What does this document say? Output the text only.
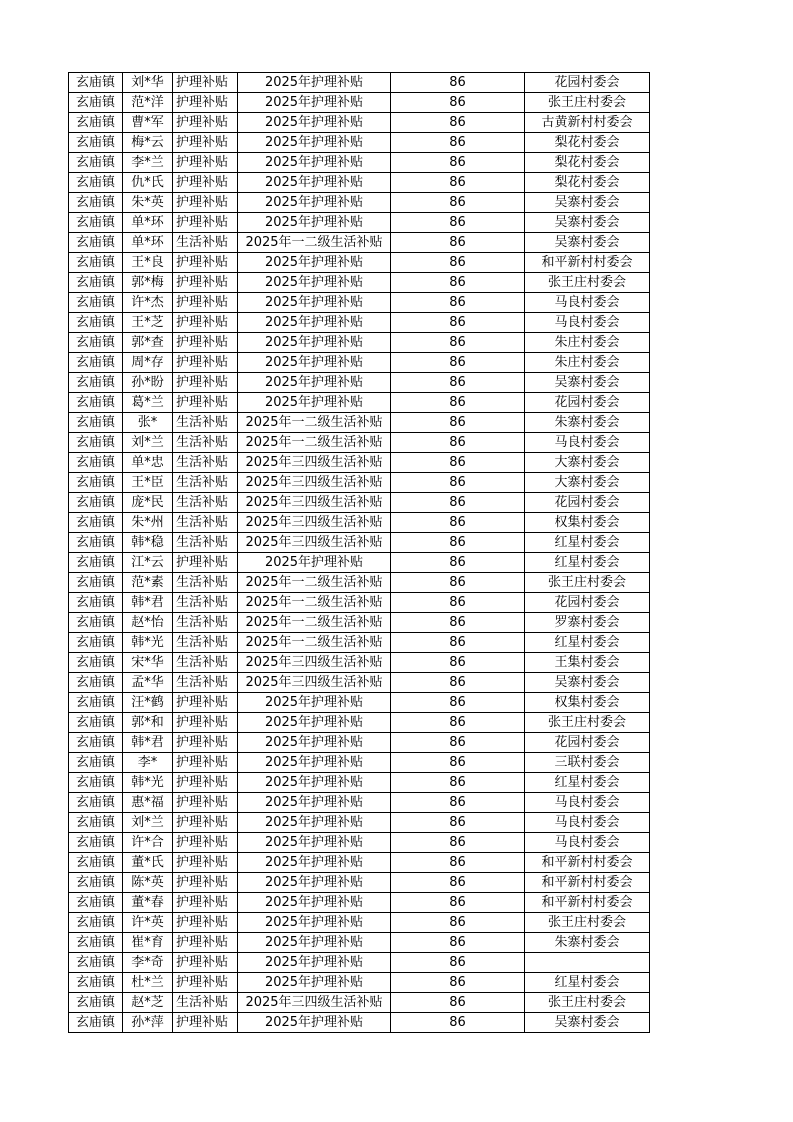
玄庙镇	刘*华	护理补贴	2025年护理补贴	86	花园村委会
玄庙镇	范*洋	护理补贴	2025年护理补贴	86	张王庄村委会
玄庙镇	曹*军	护理补贴	2025年护理补贴	86	古黄新村村委会
玄庙镇	梅*云	护理补贴	2025年护理补贴	86	梨花村委会
玄庙镇	李*兰	护理补贴	2025年护理补贴	86	梨花村委会
玄庙镇	仇*氏	护理补贴	2025年护理补贴	86	梨花村委会
玄庙镇	朱*英	护理补贴	2025年护理补贴	86	吴寨村委会
玄庙镇	单*环	护理补贴	2025年护理补贴	86	吴寨村委会
玄庙镇	单*环	生活补贴	2025年一二级生活补贴	86	吴寨村委会
玄庙镇	王*良	护理补贴	2025年护理补贴	86	和平新村村委会
玄庙镇	郭*梅	护理补贴	2025年护理补贴	86	张王庄村委会
玄庙镇	许*杰	护理补贴	2025年护理补贴	86	马良村委会
玄庙镇	王*芝	护理补贴	2025年护理补贴	86	马良村委会
玄庙镇	郭*查	护理补贴	2025年护理补贴	86	朱庄村委会
玄庙镇	周*存	护理补贴	2025年护理补贴	86	朱庄村委会
玄庙镇	孙*盼	护理补贴	2025年护理补贴	86	吴寨村委会
玄庙镇	葛*兰	护理补贴	2025年护理补贴	86	花园村委会
玄庙镇	张*	生活补贴	2025年一二级生活补贴	86	朱寨村委会
玄庙镇	刘*兰	生活补贴	2025年一二级生活补贴	86	马良村委会
玄庙镇	单*忠	生活补贴	2025年三四级生活补贴	86	大寨村委会
玄庙镇	王*臣	生活补贴	2025年三四级生活补贴	86	大寨村委会
玄庙镇	庞*民	生活补贴	2025年三四级生活补贴	86	花园村委会
玄庙镇	朱*州	生活补贴	2025年三四级生活补贴	86	权集村委会
玄庙镇	韩*稳	生活补贴	2025年三四级生活补贴	86	红星村委会
玄庙镇	江*云	护理补贴	2025年护理补贴	86	红星村委会
玄庙镇	范*素	生活补贴	2025年一二级生活补贴	86	张王庄村委会
玄庙镇	韩*君	生活补贴	2025年一二级生活补贴	86	花园村委会
玄庙镇	赵*怡	生活补贴	2025年一二级生活补贴	86	罗寨村委会
玄庙镇	韩*光	生活补贴	2025年一二级生活补贴	86	红星村委会
玄庙镇	宋*华	生活补贴	2025年三四级生活补贴	86	王集村委会
玄庙镇	孟*华	生活补贴	2025年三四级生活补贴	86	吴寨村委会
玄庙镇	汪*鹤	护理补贴	2025年护理补贴	86	权集村委会
玄庙镇	郭*和	护理补贴	2025年护理补贴	86	张王庄村委会
玄庙镇	韩*君	护理补贴	2025年护理补贴	86	花园村委会
玄庙镇	李*	护理补贴	2025年护理补贴	86	三联村委会
玄庙镇	韩*光	护理补贴	2025年护理补贴	86	红星村委会
玄庙镇	惠*福	护理补贴	2025年护理补贴	86	马良村委会
玄庙镇	刘*兰	护理补贴	2025年护理补贴	86	马良村委会
玄庙镇	许*合	护理补贴	2025年护理补贴	86	马良村委会
玄庙镇	董*氏	护理补贴	2025年护理补贴	86	和平新村村委会
玄庙镇	陈*英	护理补贴	2025年护理补贴	86	和平新村村委会
玄庙镇	董*春	护理补贴	2025年护理补贴	86	和平新村村委会
玄庙镇	许*英	护理补贴	2025年护理补贴	86	张王庄村委会
玄庙镇	崔*育	护理补贴	2025年护理补贴	86	朱寨村委会
玄庙镇	李*奇	护理补贴	2025年护理补贴	86	
玄庙镇	杜*兰	护理补贴	2025年护理补贴	86	红星村委会
玄庙镇	赵*芝	生活补贴	2025年三四级生活补贴	86	张王庄村委会
玄庙镇	孙*萍	护理补贴	2025年护理补贴	86	吴寨村委会
